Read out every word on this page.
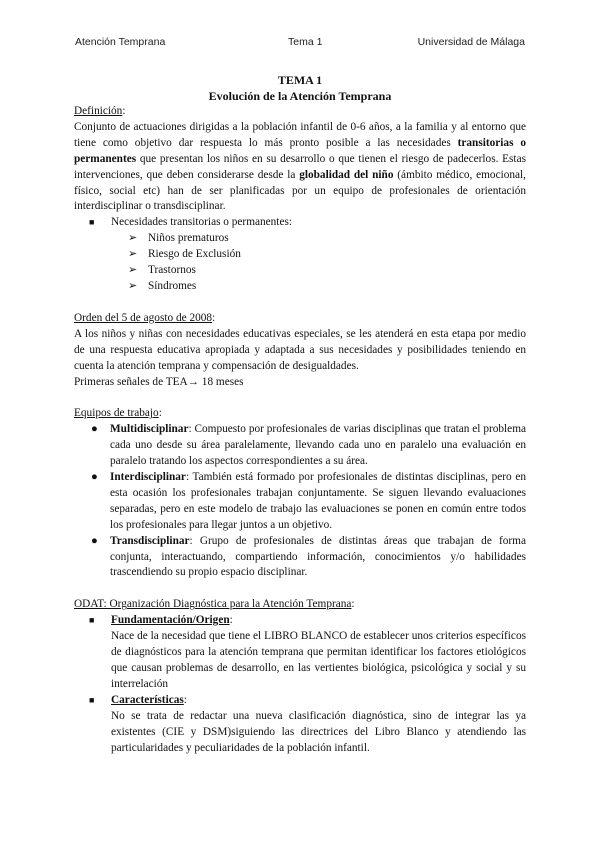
Atención Temprana	Tema 1	Universidad de Málaga
TEMA 1
Evolución de la Atención Temprana

Definición:

Conjunto de actuaciones dirigidas a la población infantil de 0-6 años, a la familia y al entorno que tiene como objetivo dar respuesta lo más pronto posible a las necesidades transitorias o permanentes que presentan los niños en su desarrollo o que tienen el riesgo de padecerlos. Estas intervenciones, que deben considerarse desde la globalidad del niño (ámbito médico, emocional, físico, social etc) han de ser planificadas por un equipo de profesionales de orientación interdisciplinar o transdisciplinar.

■ Necesidades transitorias o permanentes:
➢ Niños prematuros
➢ Riesgo de Exclusión
➢ Trastornos
➢ Síndromes

Orden del 5 de agosto de 2008:

A los niños y niñas con necesidades educativas especiales, se les atenderá en esta etapa por medio de una respuesta educativa apropiada y adaptada a sus necesidades y posibilidades teniendo en cuenta la atención temprana y compensación de desigualdades.

Primeras señales de TEA→ 18 meses

Equipos de trabajo:

● Multidisciplinar: Compuesto por profesionales de varias disciplinas que tratan el problema cada uno desde su área paralelamente, llevando cada uno en paralelo una evaluación en paralelo tratando los aspectos correspondientes a su área.
● Interdisciplinar: También está formado por profesionales de distintas disciplinas, pero en esta ocasión los profesionales trabajan conjuntamente. Se siguen llevando evaluaciones separadas, pero en este modelo de trabajo las evaluaciones se ponen en común entre todos los profesionales para llegar juntos a un objetivo.
● Transdisciplinar: Grupo de profesionales de distintas áreas que trabajan de forma conjunta, interactuando, compartiendo información, conocimientos y/o habilidades trascendiendo su propio espacio disciplinar.

ODAT: Organización Diagnóstica para la Atención Temprana:

■ Fundamentación/Origen:

Nace de la necesidad que tiene el LIBRO BLANCO de establecer unos criterios específicos de diagnósticos para la atención temprana que permitan identificar los factores etiológicos que causan problemas de desarrollo, en las vertientes biológica, psicológica y social y su interrelación

■ Características:

No se trata de redactar una nueva clasificación diagnóstica, sino de integrar las ya existentes (CIE y DSM)siguiendo las directrices del Libro Blanco y atendiendo las particularidades y peculiaridades de la población infantil.
